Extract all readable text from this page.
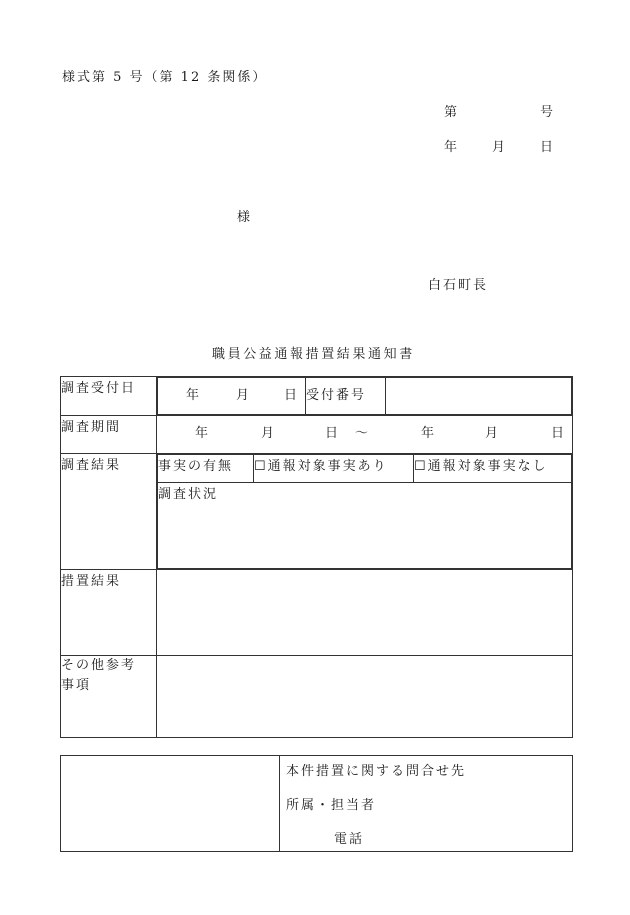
様式第 5 号（第 12 条関係）
第	号
年	月	日
様
白石町長
職員公益通報措置結果通知書
調査受付日		年	月	日	受付番号	

調査期間	年	月	日 〜	年	月	日

調査結果		事実の有無	☐通報対象事実あり	☐通報対象事実なし
調査状況

措置結果	
その他参考
事項	

本件措置に関する問合せ先
所属・担当者
電話
